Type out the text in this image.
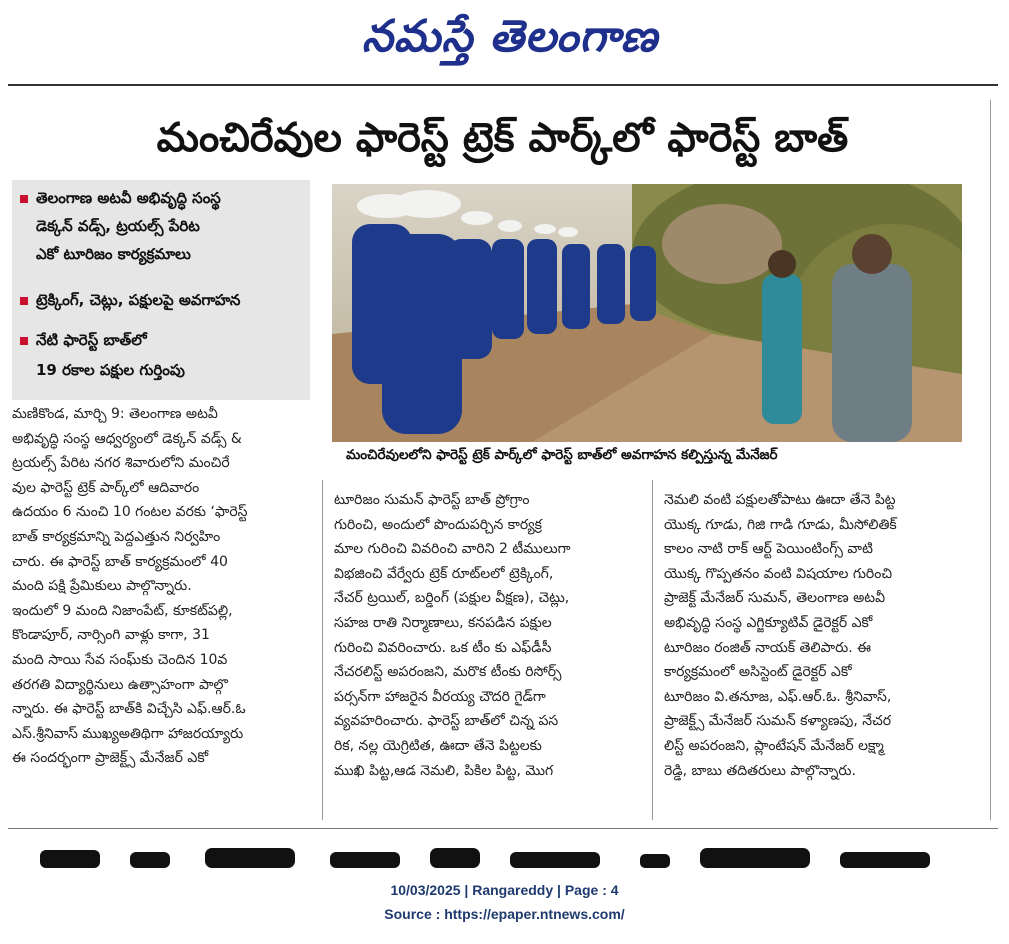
నమస్తే తెలంగాణ
మంచిరేవుల ఫారెస్ట్ ట్రెక్ పార్క్‌లో ఫారెస్ట్ బాత్
తెలంగాణ అటవీ అభివృద్ధి సంస్థ
డెక్కన్ వడ్స్, ట్రయల్స్ పేరిట
ఎకో టూరిజం కార్యక్రమాలు
ట్రెక్కింగ్, చెట్లు, పక్షులపై అవగాహన
నేటి ఫారెస్ట్ బాత్‌లో
19 రకాల పక్షుల గుర్తింపు
మంచిరేవులలోని ఫారెస్ట్ ట్రెక్ పార్క్‌లో ఫారెస్ట్ బాత్‌లో అవగాహన కల్పిస్తున్న మేనేజర్
మణికొండ, మార్చి 9: తెలంగాణ అటవీ
అభివృద్ధి సంస్థ ఆధ్వర్యంలో డెక్కన్ వడ్స్ &
ట్రయల్స్ పేరిట నగర శివారులోని మంచిరే
వుల ఫారెస్ట్ ట్రెక్ పార్క్‌లో ఆదివారం
ఉదయం 6 నుంచి 10 గంటల వరకు ‘ఫారెస్ట్
బాత్ కార్యక్రమాన్ని పెద్దఎత్తున నిర్వహిం
చారు. ఈ ఫారెస్ట్ బాత్ కార్యక్రమంలో 40
మంది పక్షి ప్రేమికులు పాల్గొన్నారు.
ఇందులో 9 మంది నిజాంపేట్, కూకట్‌పల్లి,
కొండాపూర్, నార్సింగి వాళ్లు కాగా, 31
మంది సాయి సేవ సంఘ్‌కు చెందిన 10వ
తరగతి విద్యార్థినులు ఉత్సాహంగా పాల్గొ
న్నారు. ఈ ఫారెస్ట్ బాత్‌కి విచ్చేసి ఎఫ్.ఆర్.ఓ
ఎస్.శ్రీనివాస్ ముఖ్యఅతిథిగా హాజరయ్యారు
ఈ సందర్భంగా ప్రాజెక్ట్స్ మేనేజర్ ఎకో
టూరిజం సుమన్ ఫారెస్ట్ బాత్ ప్రోగ్రాం
గురించి, అందులో పొందుపర్చిన కార్యక్ర
మాల గురించి వివరించి వారిని 2 టీములుగా
విభజించి వేర్వేరు ట్రెక్ రూట్‌లలో ట్రెక్కింగ్,
నేచర్ ట్రయిల్, బర్డింగ్ (పక్షుల వీక్షణ), చెట్లు,
సహజ రాతి నిర్మాణాలు, కనపడిన పక్షుల
గురించి వివరించారు. ఒక టీం కు ఎఫ్‌డీసీ
నేచరలిస్ట్ అపరంజని, మరొక టీంకు రిసోర్స్
పర్సన్‌గా హాజరైన వీరయ్య చౌదరి గైడ్‌గా
వ్యవహరించారు. ఫారెస్ట్ బాత్‌లో చిన్న పస
రిక, నల్ల యెగ్రిటిత, ఊదా తేనె పిట్టలకు
ముఖి పిట్ట,ఆడ నెమలి, పికిల పిట్ట, మొగ
నెమలి వంటి పక్షులతోపాటు ఊదా తేనె పిట్ట
యొక్క గూడు, గిజి గాడి గూడు, మీసోలితిక్
కాలం నాటి రాక్ ఆర్ట్ పెయింటింగ్స్ వాటి
యొక్క గొప్పతనం వంటి విషయాల గురించి
ప్రాజెక్ట్ మేనేజర్ సుమన్, తెలంగాణ అటవీ
అభివృద్ధి సంస్థ ఎగ్జిక్యూటివ్ డైరెక్టర్ ఎకో
టూరిజం రంజిత్ నాయక్ తెలిపారు. ఈ
కార్యక్రమంలో అసిస్టెంట్ డైరెక్టర్ ఎకో
టూరిజం వి.తనూజ, ఎఫ్.ఆర్.ఓ. శ్రీనివాస్,
ప్రాజెక్ట్స్ మేనేజర్ సుమన్ కళ్యాణపు, నేచర
లిస్ట్ అపరంజని, ప్లాంటేషన్ మేనేజర్ లక్ష్మా
రెడ్డి, బాబు తదితరులు పాల్గొన్నారు.
10/03/2025 | Rangareddy | Page : 4
Source : https://epaper.ntnews.com/
